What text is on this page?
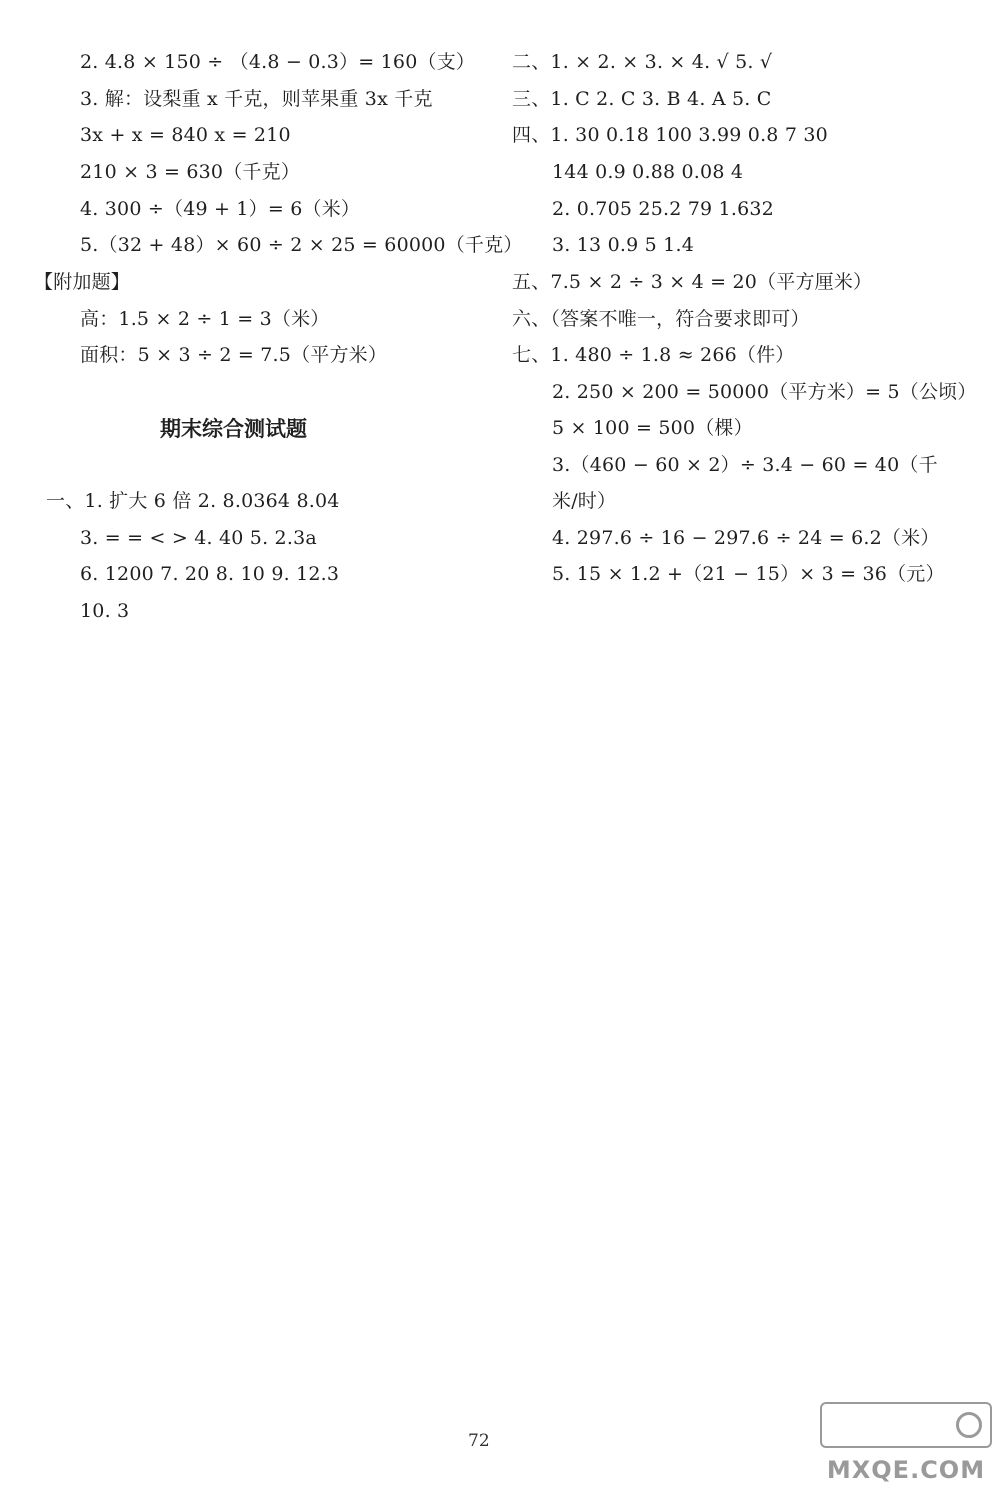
2. 4.8 × 150 ÷ （4.8 − 0.3）= 160（支）
3. 解：设梨重 x 千克，则苹果重 3x 千克
3x + x = 840 x = 210
210 × 3 = 630（千克）
4. 300 ÷（49 + 1）= 6（米）
5.（32 + 48）× 60 ÷ 2 × 25 = 60000（千克）
【附加题】
高：1.5 × 2 ÷ 1 = 3（米）
面积：5 × 3 ÷ 2 = 7.5（平方米）
期末综合测试题
一、1. 扩大 6 倍 2. 8.0364 8.04
3. = = < > 4. 40 5. 2.3a
6. 1200 7. 20 8. 10 9. 12.3
10. 3
二、1. × 2. × 3. × 4. √ 5. √
三、1. C 2. C 3. B 4. A 5. C
四、1. 30 0.18 100 3.99 0.8 7 30
144 0.9 0.88 0.08 4
2. 0.705 25.2 79 1.632
3. 13 0.9 5 1.4
五、7.5 × 2 ÷ 3 × 4 = 20（平方厘米）
六、（答案不唯一，符合要求即可）
七、1. 480 ÷ 1.8 ≈ 266（件）
2. 250 × 200 = 50000（平方米）= 5（公顷）
5 × 100 = 500（棵）
3.（460 − 60 × 2）÷ 3.4 − 60 = 40（千
米/时）
4. 297.6 ÷ 16 − 297.6 ÷ 24 = 6.2（米）
5. 15 × 1.2 +（21 − 15）× 3 = 36（元）
72
MXQE.COM
